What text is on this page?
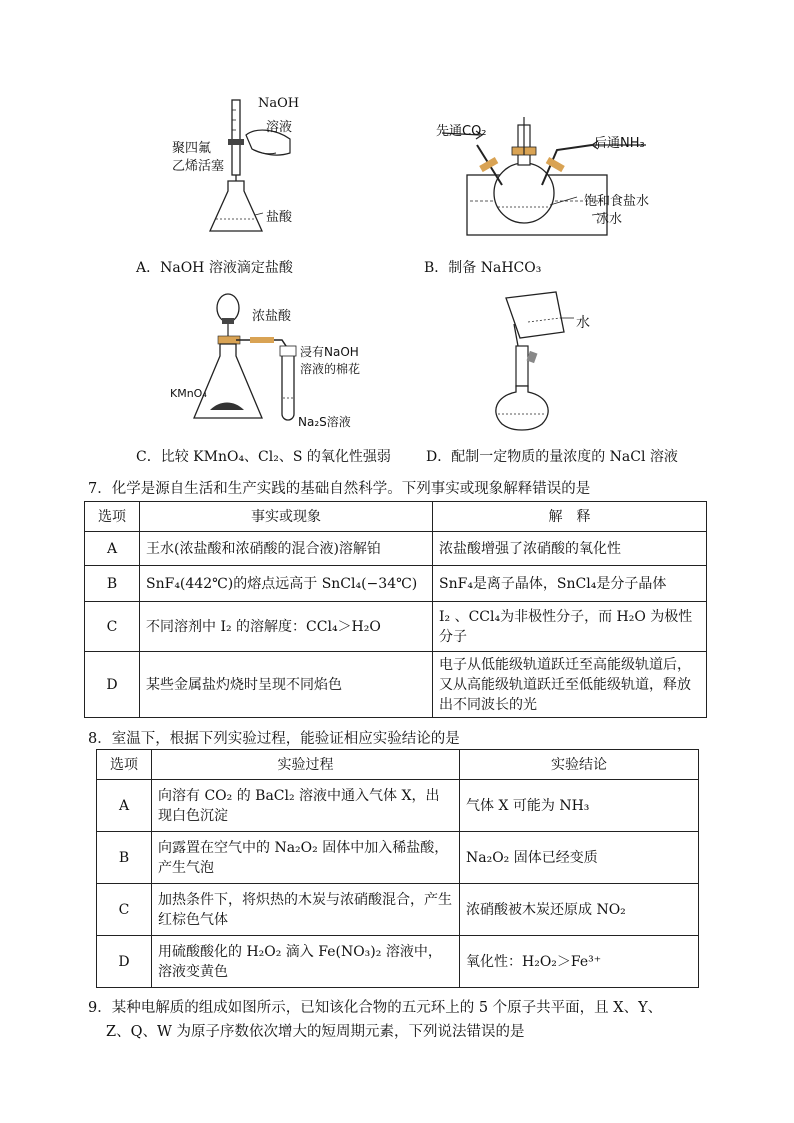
NaOH
溶液
聚四氟
乙烯活塞
盐酸
A．NaOH 溶液滴定盐酸
先通CO₂
后通NH₃
饱和食盐水
冰水
B．制备 NaHCO₃
浓盐酸
浸有NaOH
溶液的棉花
KMnO₄
Na₂S溶液
C．比较 KMnO₄、Cl₂、S 的氧化性强弱
水
D．配制一定物质的量浓度的 NaCl 溶液
7．化学是源自生活和生产实践的基础自然科学。下列事实或现象解释错误的是
选项	事实或现象	解　释
A	王水(浓盐酸和浓硝酸的混合液)溶解铂	浓盐酸增强了浓硝酸的氧化性
B	SnF₄(442℃)的熔点远高于 SnCl₄(−34℃)	SnF₄是离子晶体，SnCl₄是分子晶体
C	不同溶剂中 I₂ 的溶解度：CCl₄＞H₂O	I₂ 、CCl₄为非极性分子，而 H₂O 为极性分子
D	某些金属盐灼烧时呈现不同焰色	电子从低能级轨道跃迁至高能级轨道后，又从高能级轨道跃迁至低能级轨道，释放出不同波长的光
8．室温下，根据下列实验过程，能验证相应实验结论的是
选项	实验过程	实验结论
A	向溶有 CO₂ 的 BaCl₂ 溶液中通入气体 X，出现白色沉淀	气体 X 可能为 NH₃
B	向露置在空气中的 Na₂O₂ 固体中加入稀盐酸，产生气泡	Na₂O₂ 固体已经变质
C	加热条件下，将炽热的木炭与浓硝酸混合，产生红棕色气体	浓硝酸被木炭还原成 NO₂
D	用硫酸酸化的 H₂O₂ 滴入 Fe(NO₃)₂ 溶液中，溶液变黄色	氧化性：H₂O₂＞Fe³⁺
9．某种电解质的组成如图所示，已知该化合物的五元环上的 5 个原子共平面，且 X、Y、
Z、Q、W 为原子序数依次增大的短周期元素，下列说法错误的是
